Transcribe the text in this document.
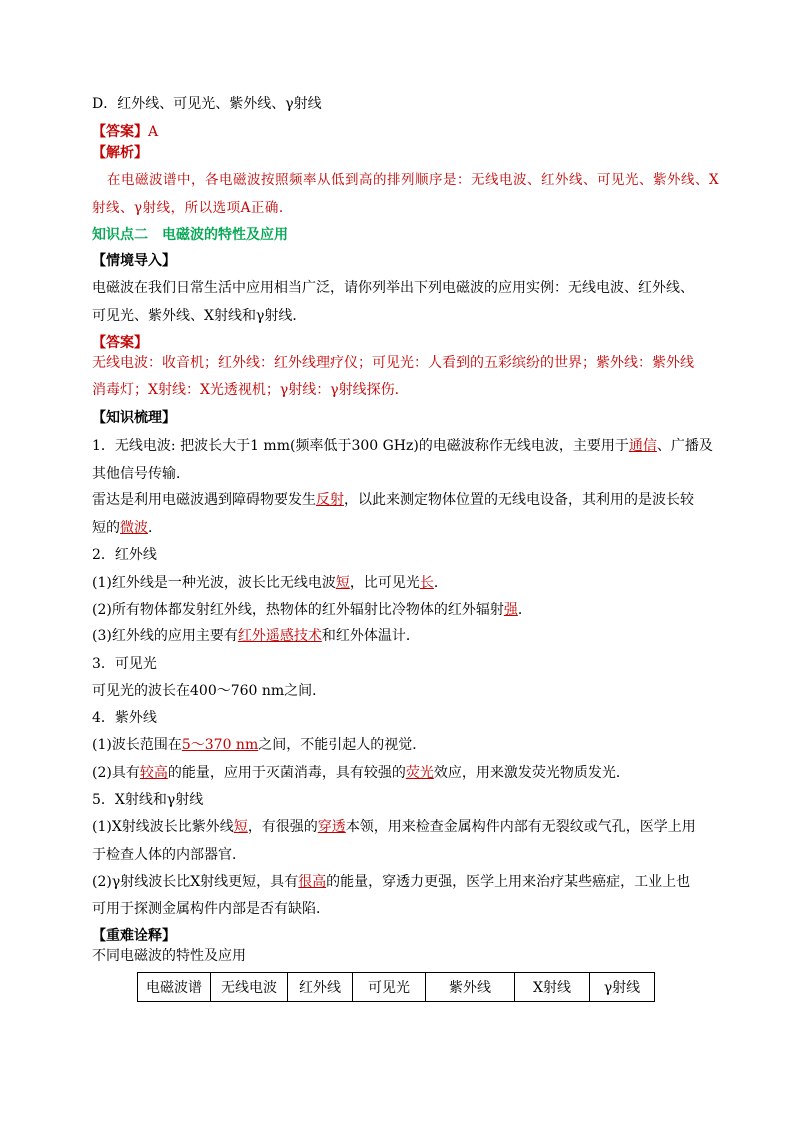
D．红外线、可见光、紫外线、γ射线
【答案】A
【解析】
在电磁波谱中，各电磁波按照频率从低到高的排列顺序是：无线电波、红外线、可见光、紫外线、X
射线、γ射线，所以选项A正确.
知识点二　电磁波的特性及应用
【情境导入】
电磁波在我们日常生活中应用相当广泛，请你列举出下列电磁波的应用实例：无线电波、红外线、
可见光、紫外线、X射线和γ射线．
【答案】
无线电波：收音机；红外线：红外线理疗仪；可见光：人看到的五彩缤纷的世界；紫外线：紫外线
消毒灯；X射线：X光透视机；γ射线：γ射线探伤．
【知识梳理】
1．无线电波: 把波长大于1 mm(频率低于300 GHz)的电磁波称作无线电波，主要用于通信、广播及
其他信号传输．
雷达是利用电磁波遇到障碍物要发生反射，以此来测定物体位置的无线电设备，其利用的是波长较
短的微波．
2．红外线
(1)红外线是一种光波，波长比无线电波短，比可见光长．
(2)所有物体都发射红外线，热物体的红外辐射比冷物体的红外辐射强．
(3)红外线的应用主要有红外遥感技术和红外体温计．
3．可见光
可见光的波长在400～760 nm之间．
4．紫外线
(1)波长范围在5～370 nm之间，不能引起人的视觉．
(2)具有较高的能量，应用于灭菌消毒，具有较强的荧光效应，用来激发荧光物质发光．
5．X射线和γ射线
(1)X射线波长比紫外线短，有很强的穿透本领，用来检查金属构件内部有无裂纹或气孔，医学上用
于检查人体的内部器官．
(2)γ射线波长比X射线更短，具有很高的能量，穿透力更强，医学上用来治疗某些癌症，工业上也
可用于探测金属构件内部是否有缺陷．
【重难诠释】
不同电磁波的特性及应用
电磁波谱	无线电波	红外线	可见光	紫外线	X射线	γ射线
